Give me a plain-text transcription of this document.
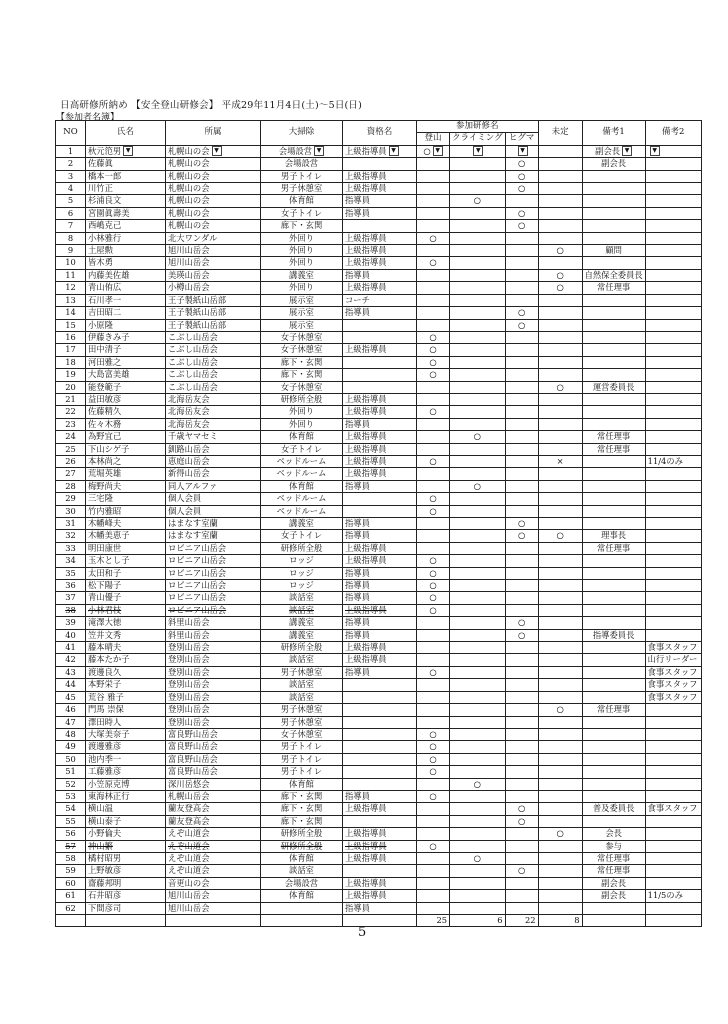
日高研修所納め 【安全登山研修会】 平成29年11月4日(土)～5日(日)
【参加者名簿】
NO	氏名	所属	大掃除	資格名	参加研修名			未定	備考1	備考2
					登山	クライミング	ヒグマ			
1	秋元笵男 ▼	札幌山の会 ▼	会場設営 ▼	上級指導員 ▼	○ ▼	▼	▼		副会長 ▼	▼
2	佐藤眞	札幌山の会	会場設営				○		副会長	
3	橋本一郎	札幌山の会	男子トイレ	上級指導員			○			
4	川竹正	札幌山の会	男子休憩室	上級指導員			○			
5	杉浦良文	札幌山の会	体育館	指導員		○				
6	宮園眞壽美	札幌山の会	女子トイレ	指導員			○			
7	西嶋克己	札幌山の会	廊下・玄関				○			
8	小林雅行	北大ワンダル	外回り	上級指導員	○					
9	土屋勲	旭川山岳会	外回り	上級指導員				○	顧問	
10	皆木勇	旭川山岳会	外回り	上級指導員	○					
11	内藤美佐雄	美瑛山岳会	講義室	指導員				○	自然保全委員長	
12	青山侑広	小樽山岳会	外回り	上級指導員				○	常任理事	
13	石川孝一	王子製紙山岳部	展示室	コーチ						
14	吉田昭二	王子製紙山岳部	展示室	指導員			○			
15	小原隆	王子製紙山岳部	展示室				○			
16	伊藤きみ子	こぶし山岳会	女子休憩室		○					
17	田中清子	こぶし山岳会	女子休憩室	上級指導員	○					
18	河田雅之	こぶし山岳会	廊下・玄関		○					
19	大島富美雄	こぶし山岳会	廊下・玄関		○					
20	能登範子	こぶし山岳会	女子休憩室					○	運営委員長	
21	益田敏彦	北海岳友会	研修所全般	上級指導員						
22	佐藤精久	北海岳友会	外回り	上級指導員	○					
23	佐々木務	北海岳友会	外回り	指導員						
24	為野宜己	千歳ヤマセミ	体育館	上級指導員		○			常任理事	
25	下山シゲ子	釧路山岳会	女子トイレ	上級指導員					常任理事	
26	本林尚之	恵庭山岳会	ベッドルーム	上級指導員	○			×		11/4のみ
27	荒堀英雄	新得山岳会	ベッドルーム	上級指導員						
28	梅野尚夫	同人アルファ	体育館	指導員		○				
29	三宅隆	個人会員	ベッドルーム		○					
30	竹内雅昭	個人会員	ベッドルーム		○					
31	木幡峰夫	はまなす室蘭	講義室	指導員			○			
32	木幡美恵子	はまなす室蘭	女子トイレ	指導員			○	○	理事長	
33	明田康世	ロビニア山岳会	研修所全般	上級指導員					常任理事	
34	玉木とし子	ロビニア山岳会	ロッジ	上級指導員	○					
35	太田和子	ロビニア山岳会	ロッジ	指導員	○					
36	松下陽子	ロビニア山岳会	ロッジ	指導員	○					
37	青山優子	ロビニア山岳会	談話室	指導員	○					
38	小林君枝	ロビニア山岳会	談話室	上級指導員	○					
39	滝澤大徳	斜里山岳会	講義室	指導員			○			
40	笠井文秀	斜里山岳会	講義室	指導員			○		指導委員長	
41	藤本晴夫	登別山岳会	研修所全般	上級指導員						食事スタッフ
42	藤本たか子	登別山岳会	談話室	上級指導員						山行リーダー
43	渡邊良久	登別山岳会	男子休憩室	指導員	○					食事スタッフ
44	本野栄子	登別山岳会	談話室							食事スタッフ
45	荒谷 雅子	登別山岳会	談話室							食事スタッフ
46	門馬 崇保	登別山岳会	男子休憩室					○	常任理事	
47	澤田時人	登別山岳会	男子休憩室							
48	大塚美奈子	富良野山岳会	女子休憩室		○					
49	渡邊雅彦	富良野山岳会	男子トイレ		○					
50	池内季一	富良野山岳会	男子トイレ		○					
51	工藤雅彦	富良野山岳会	男子トイレ		○					
52	小笠原克博	深川岳悠会	体育館			○				
53	東海林正行	札幌山岳会	廊下・玄関	指導員	○					
54	横山温	蘭友登高会	廊下・玄関	上級指導員			○		普及委員長	食事スタッフ
55	横山泰子	蘭友登高会	廊下・玄関				○			
56	小野倫夫	えぞ山道会	研修所全般	上級指導員				○	会長	
57	神山繁	えぞ山道会	研修所全般	上級指導員	○				参与	
58	橘村昭男	えぞ山道会	体育館	上級指導員		○			常任理事	
59	上野敏彦	えぞ山道会	談話室				○		常任理事	
60	齋藤邦明	音更山の会	会場設営	上級指導員					副会長	
61	石井昭彦	旭川山岳会	体育館	上級指導員					副会長	11/5のみ
62	下間彦司	旭川山岳会		指導員						
					25	6	22	8		
5
